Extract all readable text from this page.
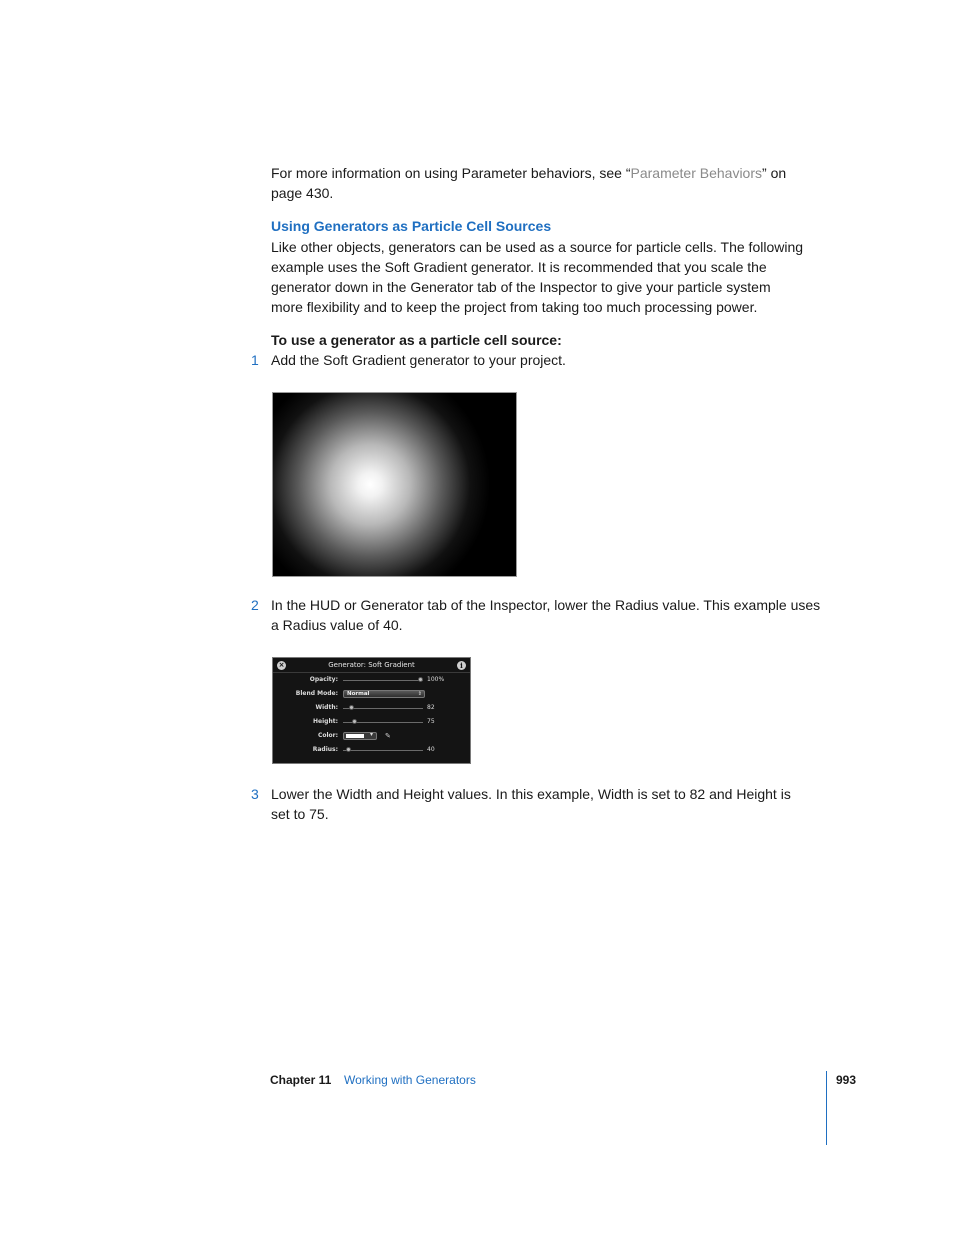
For more information on using Parameter behaviors, see “Parameter Behaviors” on
page 430.

Using Generators as Particle Cell Sources

Like other objects, generators can be used as a source for particle cells. The following
example uses the Soft Gradient generator. It is recommended that you scale the
generator down in the Generator tab of the Inspector to give your particle system
more flexibility and to keep the project from taking too much processing power.

To use a generator as a particle cell source:

1 Add the Soft Gradient generator to your project.

2 In the HUD or Generator tab of the Inspector, lower the Radius value. This example uses
a Radius value of 40.

×	Generator: Soft Gradient	i
Opacity:	100%
Blend Mode: Normal	⇕
Width:	82
Height:	75
Color:	▾ ✎
Radius:	40
3 Lower the Width and Height values. In this example, Width is set to 82 and Height is
set to 75.

Chapter 11 Working with Generators	993
